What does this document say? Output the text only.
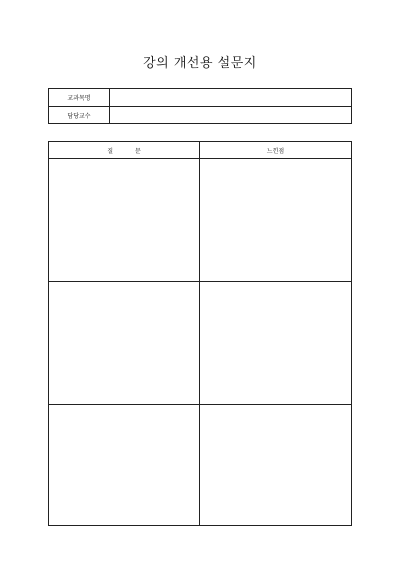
강의 개선용 설문지
교과목명
담당교수
질 문	느낀점
